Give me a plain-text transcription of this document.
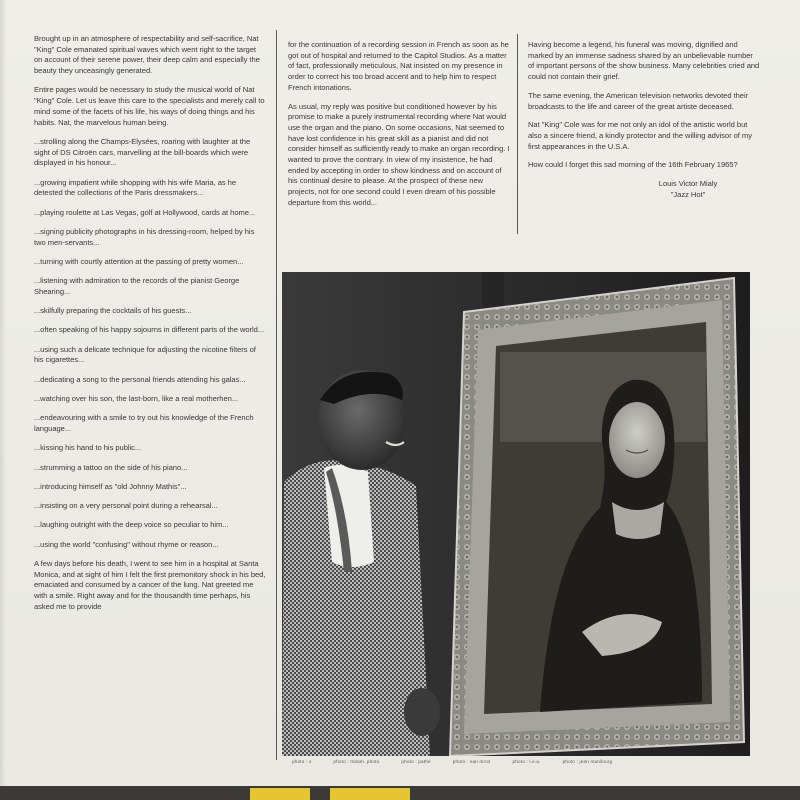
Brought up in an atmosphere of respectability and self-sacrifice, Nat "King" Cole emanated spiritual waves which went right to the target on account of their serene power, their deep calm and especially the beauty they unceasingly generated.

Entire pages would be necessary to study the musical world of Nat "King" Cole. Let us leave this care to the specialists and merely call to mind some of the facets of his life, his ways of doing things and his habits. Nat, the marvelous human being.

...strolling along the Champs-Elysées, roaring with laughter at the sight of DS Citroën cars, marvelling at the bill-boards which were displayed in his honour...

...growing impatient while shopping with his wife Maria, as he detested the collections of the Paris dressmakers...

...playing roulette at Las Vegas, golf at Hollywood, cards at home...

...signing publicity photographs in his dressing-room, helped by his two men-servants...

...turning with courtly attention at the passing of pretty women...

...listening with admiration to the records of the pianist George Shearing...

...skilfully preparing the cocktails of his guests...

...often speaking of his happy sojourns in different parts of the world...

...using such a delicate technique for adjusting the nicotine filters of his cigarettes...

...dedicating a song to the personal friends attending his galas...

...watching over his son, the last-born, like a real motherhen...

...endeavouring with a smile to try out his knowledge of the French language...

...kissing his hand to his public...

...strumming a tattoo on the side of his piano...

...introducing himself as "old Johnny Mathis"...

...insisting on a very personal point during a rehearsal...

...laughing outright with the deep voice so peculiar to him...

...using the world "confusing" without rhyme or reason...

A few days before his death, I went to see him in a hospital at Santa Monica, and at sight of him I felt the first premonitory shock in his bed, emaciated and consumed by a cancer of the lung. Nat greeted me with a smile. Right away and for the thousandth time perhaps, his asked me to provide

for the continuation of a recording session in French as soon as he got out of hospital and returned to the Capitol Studios. As a matter of fact, professionally meticulous, Nat insisted on my presence in order to correct his too broad accent and to help him to respect French intonations.

As usual, my reply was positive but conditioned however by his promise to make a purely instrumental recording where Nat would use the organ and the piano. On some occasions, Nat seemed to have lost confidence in his great skill as a pianist and did not consider himself as sufficiently ready to make an organ recording. I wanted to prove the contrary. In view of my insistence, he had ended by accepting in order to show kindness and on account of his continual desire to please. At the prospect of these new projects, not for one second could I even dream of his possible departure from this world...

Having become a legend, his funeral was moving, dignified and marked by an immense sadness shared by an unbelievable number of important persons of the show business. Many celebrities cried and could not contain their grief.

The same evening, the American television networks devoted their broadcasts to the life and career of the great artiste deceased.

Nat "King" Cole was for me not only an idol of the artistic world but also a sincere friend, a kindly protector and the willing advisor of my first appearances in the U.S.A.

How could I forget this sad morning of the 16th February 1965?

Louis Victor Mialy
"Jazz Hot"
photo : x	photo : mdam. photo	photo : pathé	photo : nan mroz	photo : l.e.a.	photo : jean manilourg
